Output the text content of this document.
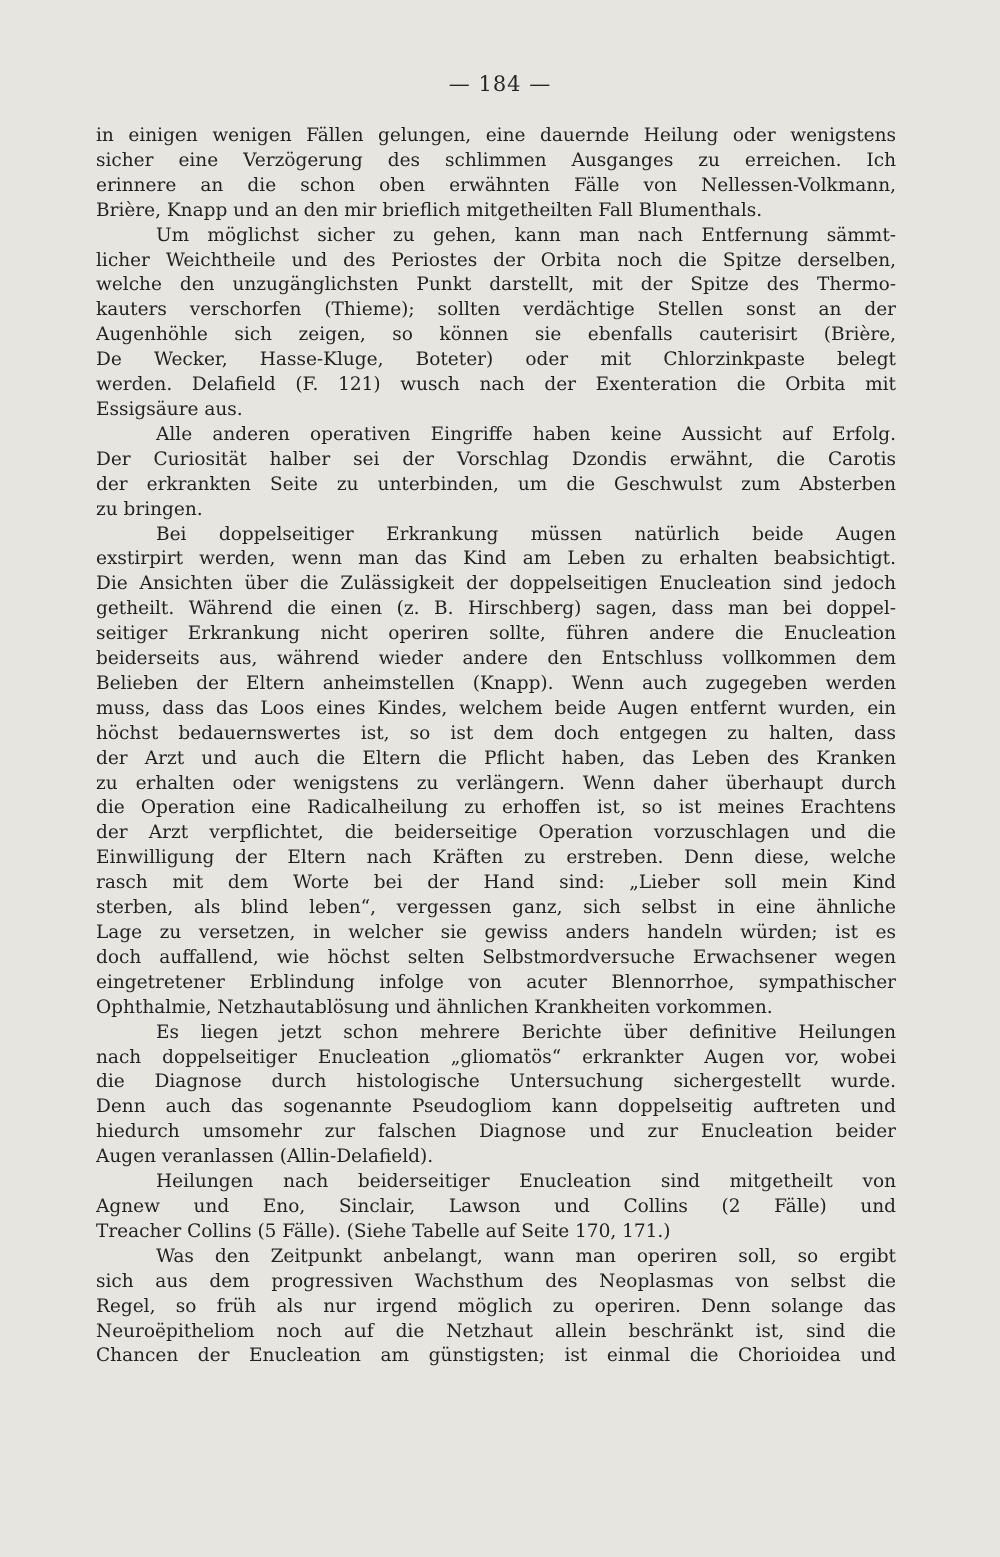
— 184 —
in einigen wenigen Fällen gelungen, eine dauernde Heilung oder wenigstens
sicher eine Verzögerung des schlimmen Ausganges zu erreichen. Ich
erinnere an die schon oben erwähnten Fälle von Nellessen-Volkmann,
Brière, Knapp und an den mir brieflich mitgetheilten Fall Blumenthals.
Um möglichst sicher zu gehen, kann man nach Entfernung sämmt-
licher Weichtheile und des Periostes der Orbita noch die Spitze derselben,
welche den unzugänglichsten Punkt darstellt, mit der Spitze des Thermo-
kauters verschorfen (Thieme); sollten verdächtige Stellen sonst an der
Augenhöhle sich zeigen, so können sie ebenfalls cauterisirt (Brière,
De Wecker, Hasse-Kluge, Boteter) oder mit Chlorzinkpaste belegt
werden. Delafield (F. 121) wusch nach der Exenteration die Orbita mit
Essigsäure aus.
Alle anderen operativen Eingriffe haben keine Aussicht auf Erfolg.
Der Curiosität halber sei der Vorschlag Dzondis erwähnt, die Carotis
der erkrankten Seite zu unterbinden, um die Geschwulst zum Absterben
zu bringen.
Bei doppelseitiger Erkrankung müssen natürlich beide Augen
exstirpirt werden, wenn man das Kind am Leben zu erhalten beabsichtigt.
Die Ansichten über die Zulässigkeit der doppelseitigen Enucleation sind jedoch
getheilt. Während die einen (z. B. Hirschberg) sagen, dass man bei doppel-
seitiger Erkrankung nicht operiren sollte, führen andere die Enucleation
beiderseits aus, während wieder andere den Entschluss vollkommen dem
Belieben der Eltern anheimstellen (Knapp). Wenn auch zugegeben werden
muss, dass das Loos eines Kindes, welchem beide Augen entfernt wurden, ein
höchst bedauernswertes ist, so ist dem doch entgegen zu halten, dass
der Arzt und auch die Eltern die Pflicht haben, das Leben des Kranken
zu erhalten oder wenigstens zu verlängern. Wenn daher überhaupt durch
die Operation eine Radicalheilung zu erhoffen ist, so ist meines Erachtens
der Arzt verpflichtet, die beiderseitige Operation vorzuschlagen und die
Einwilligung der Eltern nach Kräften zu erstreben. Denn diese, welche
rasch mit dem Worte bei der Hand sind: „Lieber soll mein Kind
sterben, als blind leben“, vergessen ganz, sich selbst in eine ähnliche
Lage zu versetzen, in welcher sie gewiss anders handeln würden; ist es
doch auffallend, wie höchst selten Selbstmordversuche Erwachsener wegen
eingetretener Erblindung infolge von acuter Blennorrhoe, sympathischer
Ophthalmie, Netzhautablösung und ähnlichen Krankheiten vorkommen.
Es liegen jetzt schon mehrere Berichte über definitive Heilungen
nach doppelseitiger Enucleation „gliomatös“ erkrankter Augen vor, wobei
die Diagnose durch histologische Untersuchung sichergestellt wurde.
Denn auch das sogenannte Pseudogliom kann doppelseitig auftreten und
hiedurch umsomehr zur falschen Diagnose und zur Enucleation beider
Augen veranlassen (Allin-Delafield).
Heilungen nach beiderseitiger Enucleation sind mitgetheilt von
Agnew und Eno, Sinclair, Lawson und Collins (2 Fälle) und
Treacher Collins (5 Fälle). (Siehe Tabelle auf Seite 170, 171.)
Was den Zeitpunkt anbelangt, wann man operiren soll, so ergibt
sich aus dem progressiven Wachsthum des Neoplasmas von selbst die
Regel, so früh als nur irgend möglich zu operiren. Denn solange das
Neuroëpitheliom noch auf die Netzhaut allein beschränkt ist, sind die
Chancen der Enucleation am günstigsten; ist einmal die Chorioidea und
